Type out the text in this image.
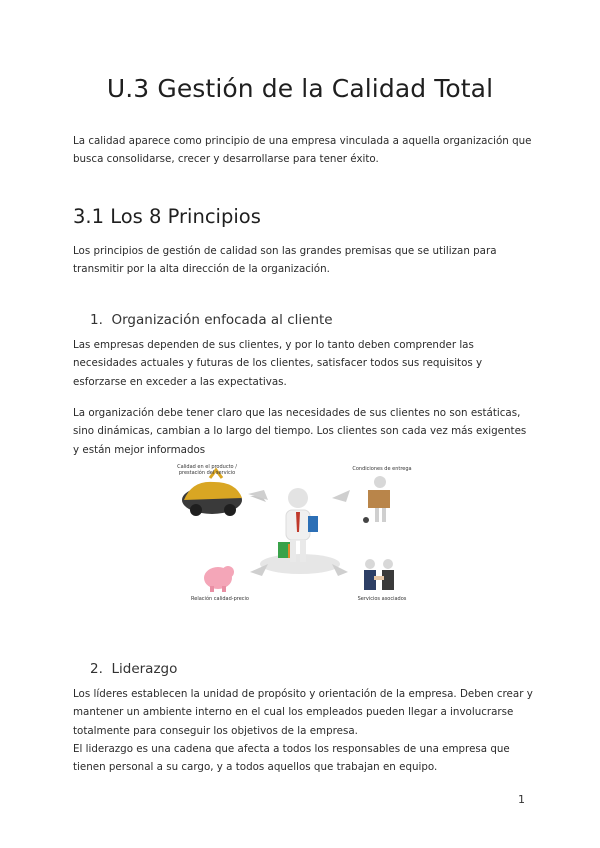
U.3 Gestión de la Calidad Total

La calidad aparece como principio de una empresa vinculada a aquella organización que busca consolidarse, crecer y desarrollarse para tener éxito.

3.1 Los 8 Principios

Los principios de gestión de calidad son las grandes premisas que se utilizan para transmitir por la alta dirección de la organización.

1. Organización enfocada al cliente

Las empresas dependen de sus clientes, y por lo tanto deben comprender las necesidades actuales y futuras de los clientes, satisfacer todos sus requisitos y esforzarse en exceder a las expectativas.

La organización debe tener claro que las necesidades de sus clientes no son estáticas, sino dinámicas, cambian a lo largo del tiempo. Los clientes son cada vez más exigentes y están mejor informados

Calidad en el producto / prestación del servicio
Condiciones de entrega
Relación calidad-precio	Servicios asociados
2. Liderazgo

Los líderes establecen la unidad de propósito y orientación de la empresa. Deben crear y mantener un ambiente interno en el cual los empleados pueden llegar a involucrarse totalmente para conseguir los objetivos de la empresa.

El liderazgo es una cadena que afecta a todos los responsables de una empresa que tienen personal a su cargo, y a todos aquellos que trabajan en equipo.

1
